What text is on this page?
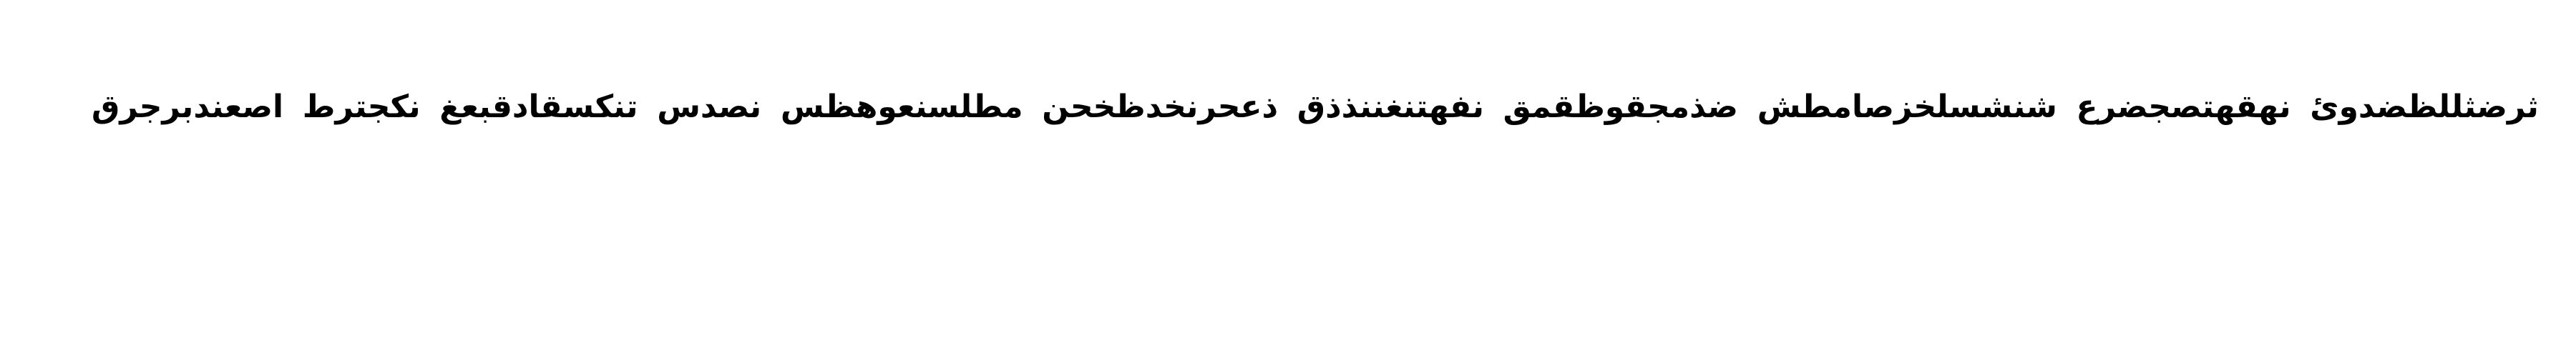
اصعندبرجرق نكجترط تنكسقادقبعغ نصدس مطلسنعوهظس ذعحرنخدظخحن نفهتنغننذذق ضذمجقوظقمق شنشسلخزصامطش نهقهتصجضرع ثرضثللظضدوئ
